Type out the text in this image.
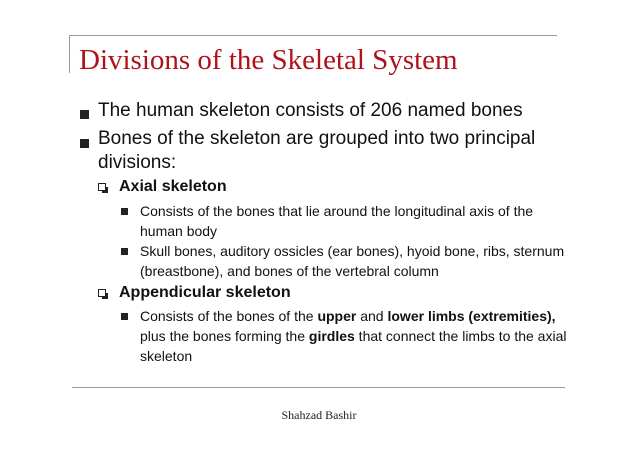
Divisions of the Skeletal System

The human skeleton consists of 206 named bones

Bones of the skeleton are grouped into two principal divisions:

Axial skeleton

Consists of the bones that lie around the longitudinal axis of the human body

Skull bones, auditory ossicles (ear bones), hyoid bone, ribs, sternum (breastbone), and bones of the vertebral column

Appendicular skeleton

Consists of the bones of the upper and lower limbs (extremities), plus the bones forming the girdles that connect the limbs to the axial skeleton

Shahzad Bashir
